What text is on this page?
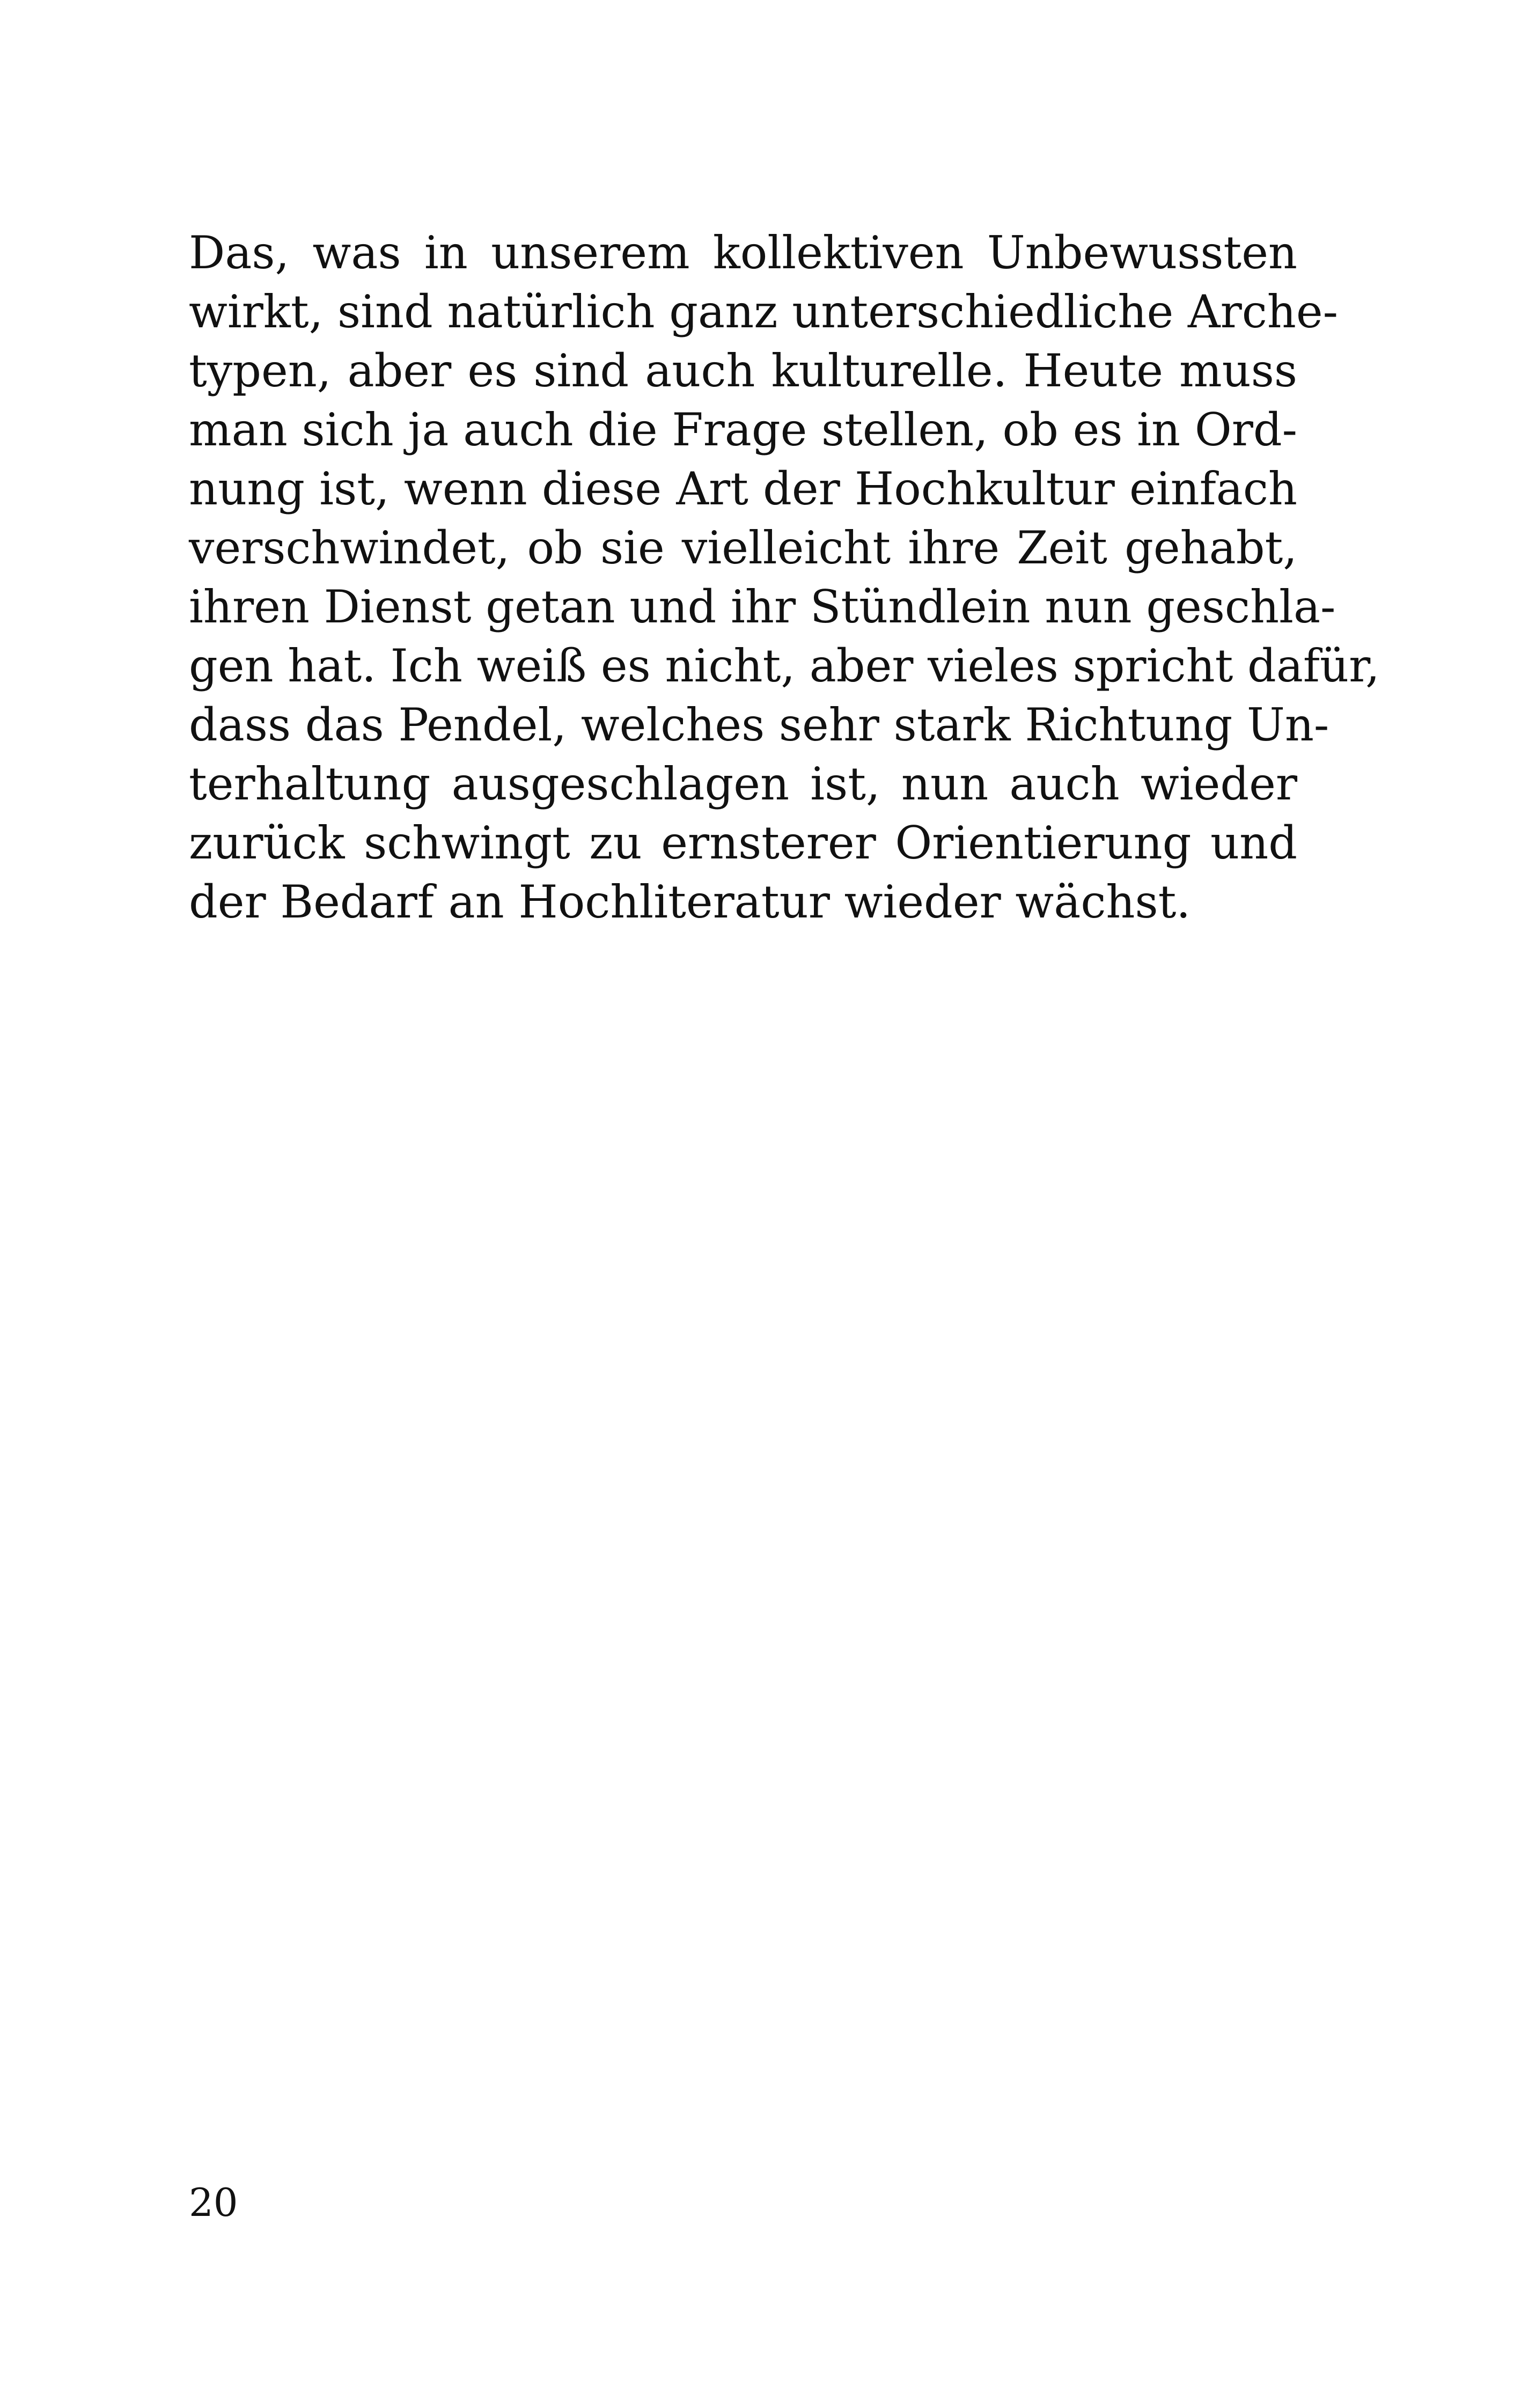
Das, was in unserem kollektiven Unbewussten
wirkt, sind natürlich ganz unterschiedliche Arche-
typen, aber es sind auch kulturelle. Heute muss
man sich ja auch die Frage stellen, ob es in Ord-
nung ist, wenn diese Art der Hochkultur einfach
verschwindet, ob sie vielleicht ihre Zeit gehabt,
ihren Dienst getan und ihr Stündlein nun geschla-
gen hat. Ich weiß es nicht, aber vieles spricht dafür,
dass das Pendel, welches sehr stark Richtung Un-
terhaltung ausgeschlagen ist, nun auch wieder
zurück schwingt zu ernsterer Orientierung und
der Bedarf an Hochliteratur wieder wächst.
20
